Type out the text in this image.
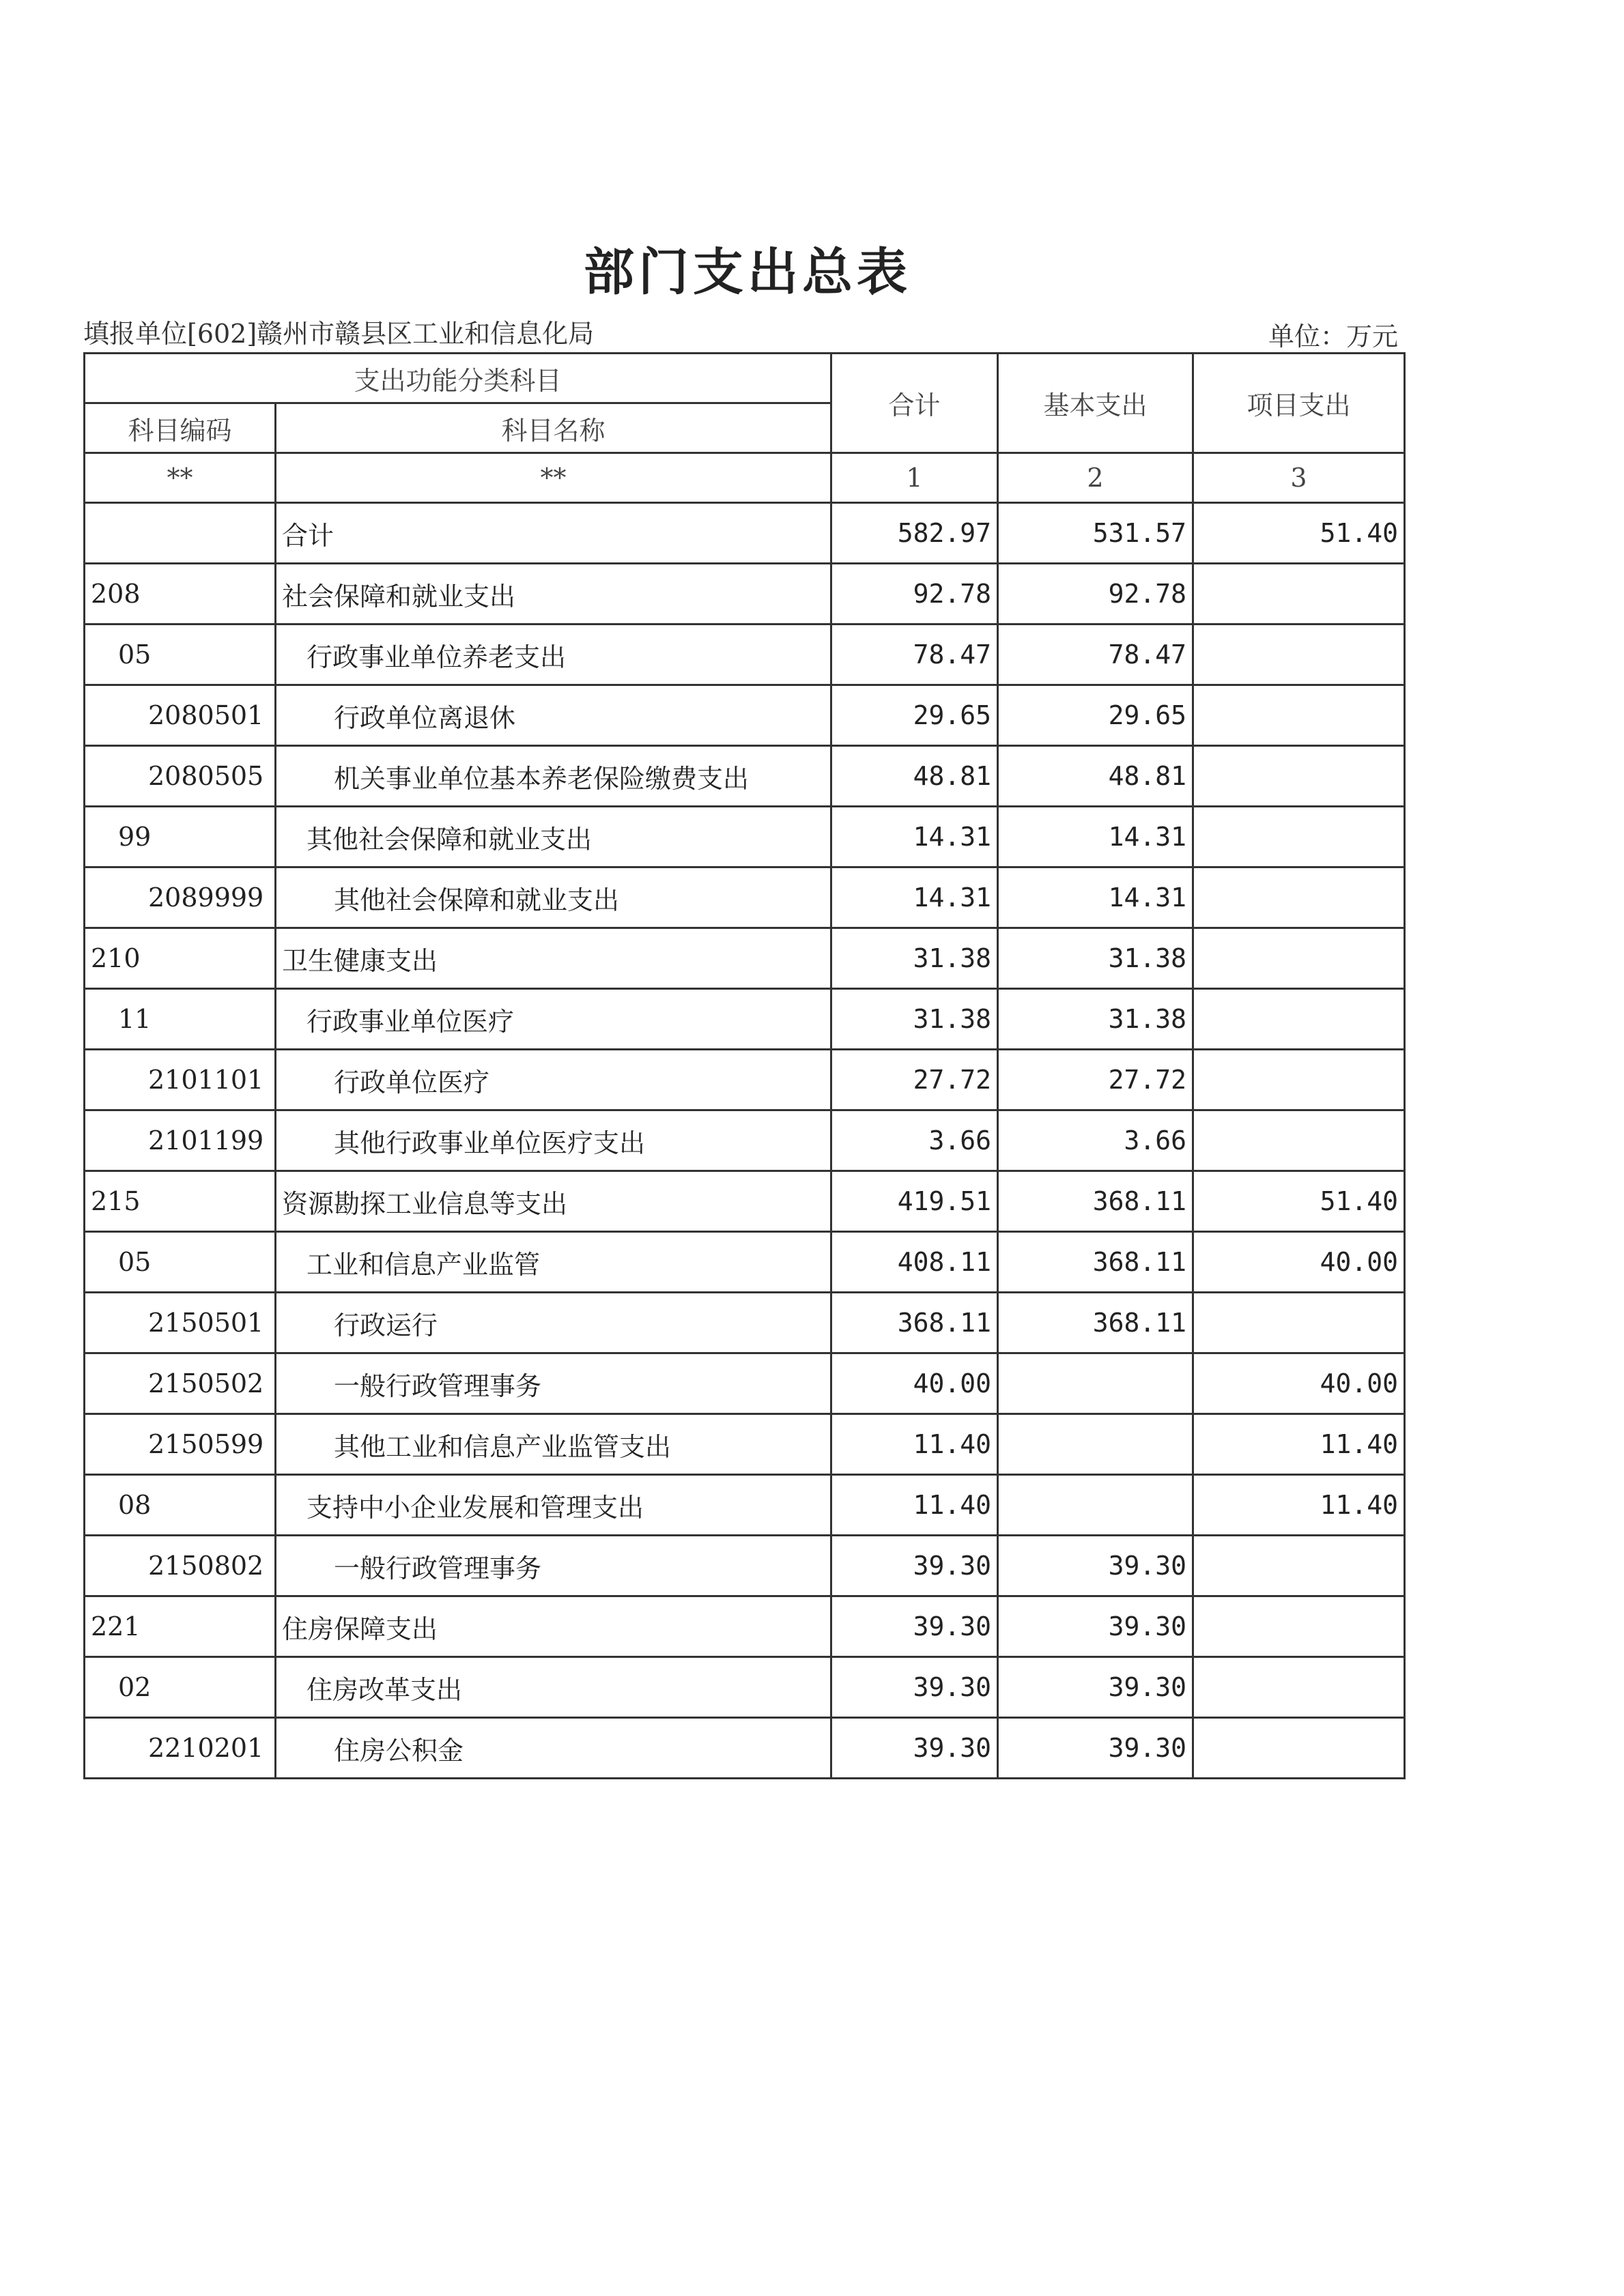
部门支出总表
填报单位[602]赣州市赣县区工业和信息化局	单位：万元
支出功能分类科目		合计	基本支出	项目支出
科目编码	科目名称			
**	**	1	2	3
	合计	582.97	531.57	51.40
208	社会保障和就业支出	92.78	92.78	
05	行政事业单位养老支出	78.47	78.47	
2080501	行政单位离退休	29.65	29.65	
2080505	机关事业单位基本养老保险缴费支出	48.81	48.81	
99	其他社会保障和就业支出	14.31	14.31	
2089999	其他社会保障和就业支出	14.31	14.31	
210	卫生健康支出	31.38	31.38	
11	行政事业单位医疗	31.38	31.38	
2101101	行政单位医疗	27.72	27.72	
2101199	其他行政事业单位医疗支出	3.66	3.66	
215	资源勘探工业信息等支出	419.51	368.11	51.40
05	工业和信息产业监管	408.11	368.11	40.00
2150501	行政运行	368.11	368.11	
2150502	一般行政管理事务	40.00		40.00
2150599	其他工业和信息产业监管支出	11.40		11.40
08	支持中小企业发展和管理支出	11.40		11.40
2150802	一般行政管理事务	39.30	39.30	
221	住房保障支出	39.30	39.30	
02	住房改革支出	39.30	39.30	
2210201	住房公积金	39.30	39.30	
